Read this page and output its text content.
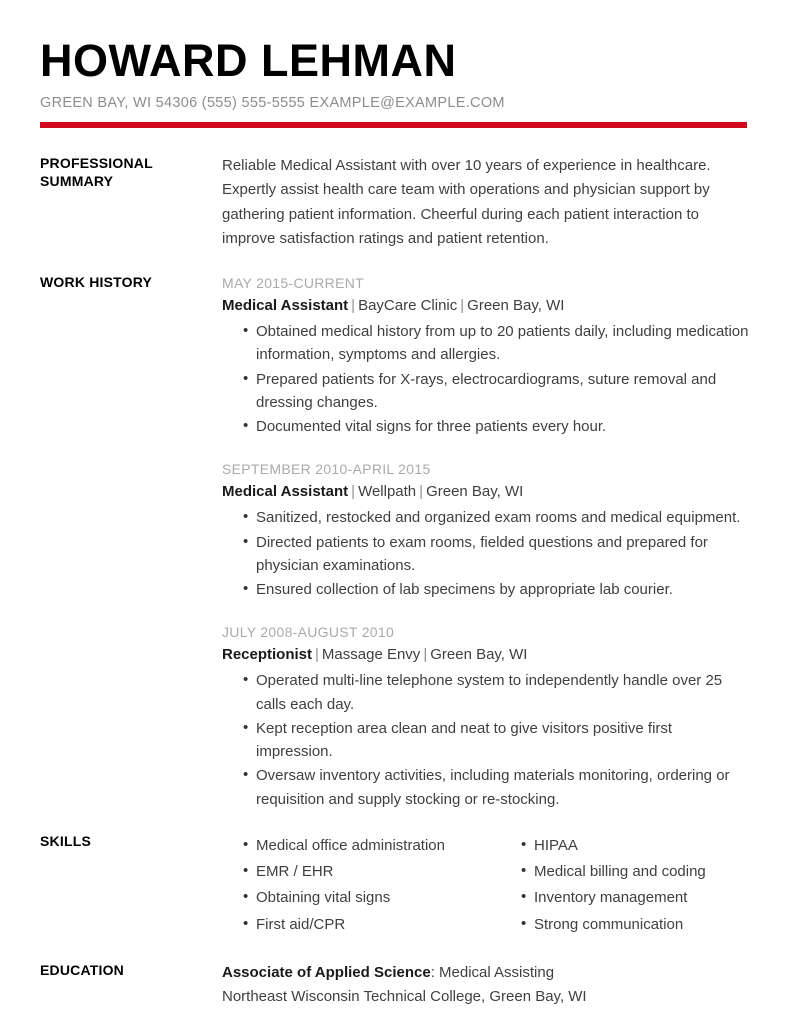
HOWARD LEHMAN
GREEN BAY, WI 54306 (555) 555-5555 EXAMPLE@EXAMPLE.COM
PROFESSIONAL
SUMMARY
Reliable Medical Assistant with over 10 years of experience in healthcare. Expertly assist health care team with operations and physician support by gathering patient information. Cheerful during each patient interaction to improve satisfaction ratings and patient retention.
WORK HISTORY	MAY 2015-CURRENT
Medical Assistant | BayCare Clinic | Green Bay, WI
• Obtained medical history from up to 20 patients daily, including medication information, symptoms and allergies.
• Prepared patients for X-rays, electrocardiograms, suture removal and dressing changes.
• Documented vital signs for three patients every hour.
SEPTEMBER 2010-APRIL 2015
Medical Assistant | Wellpath | Green Bay, WI
• Sanitized, restocked and organized exam rooms and medical equipment.
• Directed patients to exam rooms, fielded questions and prepared for physician examinations.
• Ensured collection of lab specimens by appropriate lab courier.
JULY 2008-AUGUST 2010
Receptionist | Massage Envy | Green Bay, WI
• Operated multi-line telephone system to independently handle over 25 calls each day.
• Kept reception area clean and neat to give visitors positive first impression.
• Oversaw inventory activities, including materials monitoring, ordering or requisition and supply stocking or re-stocking.
SKILLS	• Medical office administration
• EMR / EHR
• Obtaining vital signs
• First aid/CPR
• HIPAA
• Medical billing and coding
• Inventory management
• Strong communication
EDUCATION	Associate of Applied Science: Medical Assisting
Northeast Wisconsin Technical College, Green Bay, WI
